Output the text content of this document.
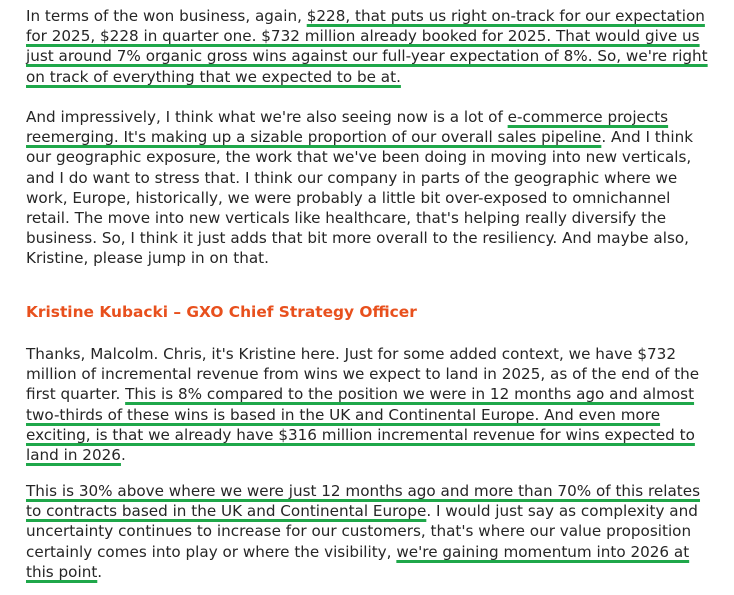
In terms of the won business, again, $228, that puts us right on-track for our expectation for 2025, $228 in quarter one. $732 million already booked for 2025. That would give us just around 7% organic gross wins against our full-year expectation of 8%. So, we're right on track of everything that we expected to be at.

And impressively, I think what we're also seeing now is a lot of e-commerce projects reemerging. It's making up a sizable proportion of our overall sales pipeline. And I think our geographic exposure, the work that we've been doing in moving into new verticals, and I do want to stress that. I think our company in parts of the geographic where we work, Europe, historically, we were probably a little bit over-exposed to omnichannel retail. The move into new verticals like healthcare, that's helping really diversify the business. So, I think it just adds that bit more overall to the resiliency. And maybe also, Kristine, please jump in on that.

Kristine Kubacki – GXO Chief Strategy Officer

Thanks, Malcolm. Chris, it's Kristine here. Just for some added context, we have $732 million of incremental revenue from wins we expect to land in 2025, as of the end of the first quarter. This is 8% compared to the position we were in 12 months ago and almost two-thirds of these wins is based in the UK and Continental Europe. And even more exciting, is that we already have $316 million incremental revenue for wins expected to land in 2026.

This is 30% above where we were just 12 months ago and more than 70% of this relates to contracts based in the UK and Continental Europe. I would just say as complexity and uncertainty continues to increase for our customers, that's where our value proposition certainly comes into play or where the visibility, we're gaining momentum into 2026 at this point.
